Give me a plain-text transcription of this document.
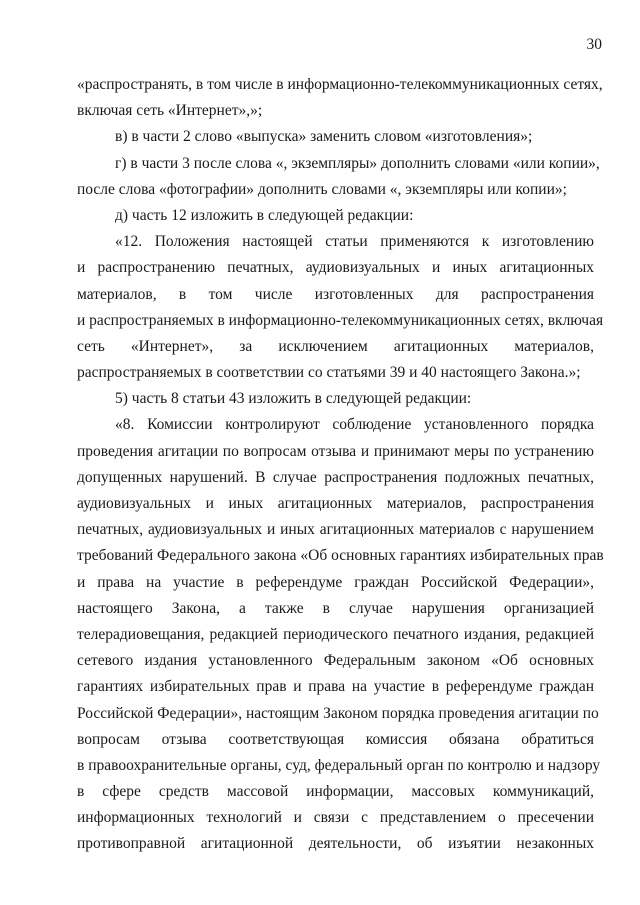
30
«распространять, в том числе в информационно-телекоммуникационных сетях,
включая сеть «Интернет»,»;
в) в части 2 слово «выпуска» заменить словом «изготовления»;
г) в части 3 после слова «, экземпляры» дополнить словами «или копии»,
после слова «фотографии» дополнить словами «, экземпляры или копии»;
д) часть 12 изложить в следующей редакции:
«12. Положения настоящей статьи применяются к изготовлению
и распространению печатных, аудиовизуальных и иных агитационных
материалов, в том числе изготовленных для распространения
и распространяемых в информационно-телекоммуникационных сетях, включая
сеть «Интернет», за исключением агитационных материалов,
распространяемых в соответствии со статьями 39 и 40 настоящего Закона.»;
5) часть 8 статьи 43 изложить в следующей редакции:
«8. Комиссии контролируют соблюдение установленного порядка
проведения агитации по вопросам отзыва и принимают меры по устранению
допущенных нарушений. В случае распространения подложных печатных,
аудиовизуальных и иных агитационных материалов, распространения
печатных, аудиовизуальных и иных агитационных материалов с нарушением
требований Федерального закона «Об основных гарантиях избирательных прав
и права на участие в референдуме граждан Российской Федерации»,
настоящего Закона, а также в случае нарушения организацией
телерадиовещания, редакцией периодического печатного издания, редакцией
сетевого издания установленного Федеральным законом «Об основных
гарантиях избирательных прав и права на участие в референдуме граждан
Российской Федерации», настоящим Законом порядка проведения агитации по
вопросам отзыва соответствующая комиссия обязана обратиться
в правоохранительные органы, суд, федеральный орган по контролю и надзору
в сфере средств массовой информации, массовых коммуникаций,
информационных технологий и связи с представлением о пресечении
противоправной агитационной деятельности, об изъятии незаконных
